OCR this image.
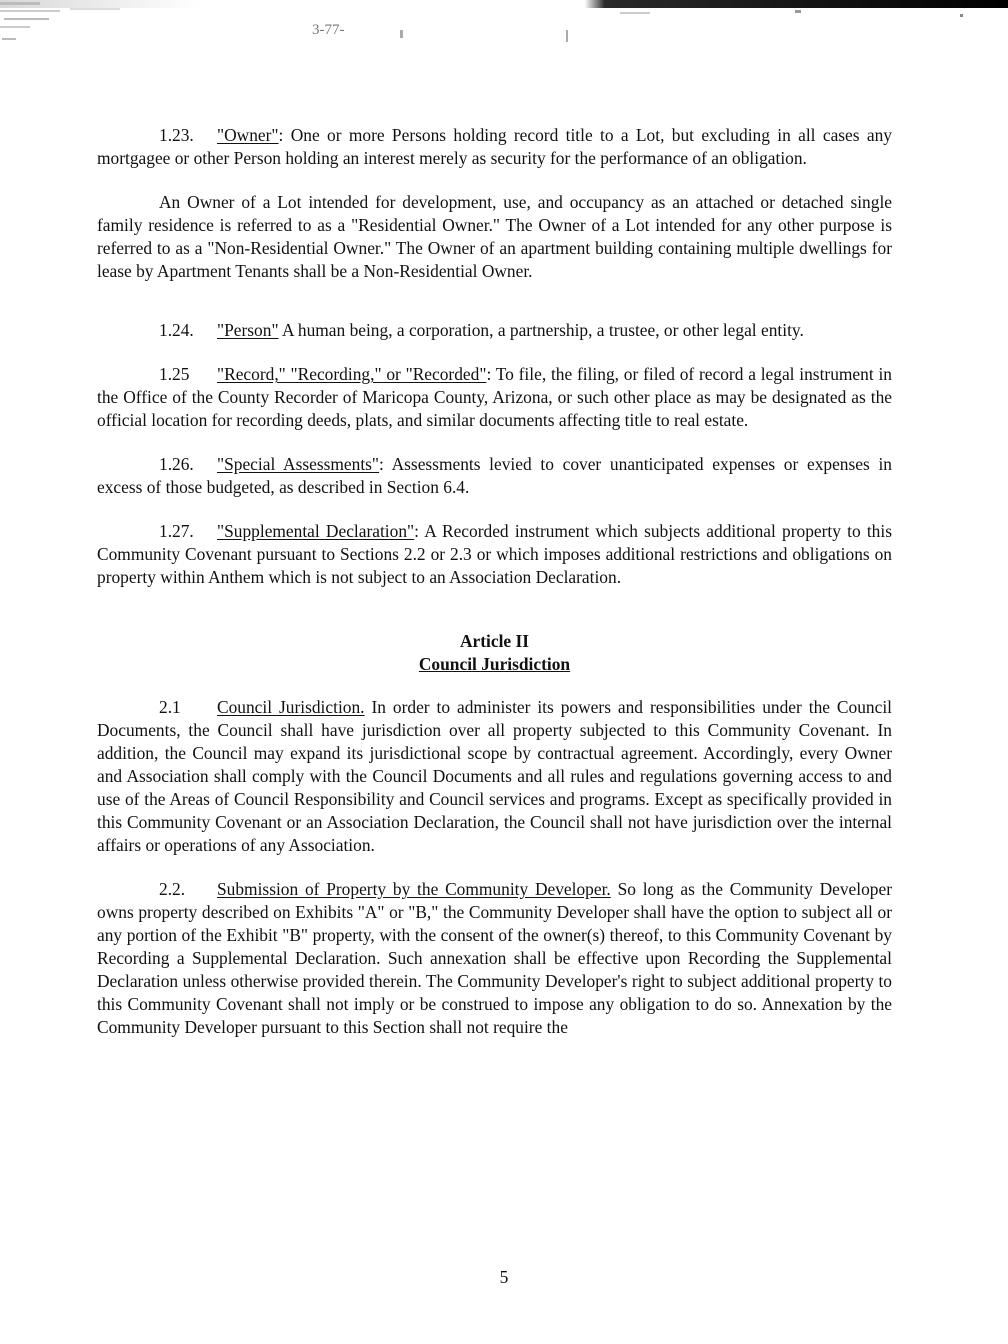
3-77-

1.23. "Owner": One or more Persons holding record title to a Lot, but excluding in all cases any mortgagee or other Person holding an interest merely as security for the performance of an obligation.

An Owner of a Lot intended for development, use, and occupancy as an attached or detached single family residence is referred to as a "Residential Owner." The Owner of a Lot intended for any other purpose is referred to as a "Non-Residential Owner." The Owner of an apartment building containing multiple dwellings for lease by Apartment Tenants shall be a Non-Residential Owner.

1.24. "Person" A human being, a corporation, a partnership, a trustee, or other legal entity.

1.25 "Record," "Recording," or "Recorded": To file, the filing, or filed of record a legal instrument in the Office of the County Recorder of Maricopa County, Arizona, or such other place as may be designated as the official location for recording deeds, plats, and similar documents affecting title to real estate.

1.26. "Special Assessments": Assessments levied to cover unanticipated expenses or expenses in excess of those budgeted, as described in Section 6.4.

1.27. "Supplemental Declaration": A Recorded instrument which subjects additional property to this Community Covenant pursuant to Sections 2.2 or 2.3 or which imposes additional restrictions and obligations on property within Anthem which is not subject to an Association Declaration.

Article II
Council Jurisdiction

2.1 Council Jurisdiction. In order to administer its powers and responsibilities under the Council Documents, the Council shall have jurisdiction over all property subjected to this Community Covenant. In addition, the Council may expand its jurisdictional scope by contractual agreement. Accordingly, every Owner and Association shall comply with the Council Documents and all rules and regulations governing access to and use of the Areas of Council Responsibility and Council services and programs. Except as specifically provided in this Community Covenant or an Association Declaration, the Council shall not have jurisdiction over the internal affairs or operations of any Association.

2.2. Submission of Property by the Community Developer. So long as the Community Developer owns property described on Exhibits "A" or "B," the Community Developer shall have the option to subject all or any portion of the Exhibit "B" property, with the consent of the owner(s) thereof, to this Community Covenant by Recording a Supplemental Declaration. Such annexation shall be effective upon Recording the Supplemental Declaration unless otherwise provided therein. The Community Developer's right to subject additional property to this Community Covenant shall not imply or be construed to impose any obligation to do so. Annexation by the Community Developer pursuant to this Section shall not require the

5
